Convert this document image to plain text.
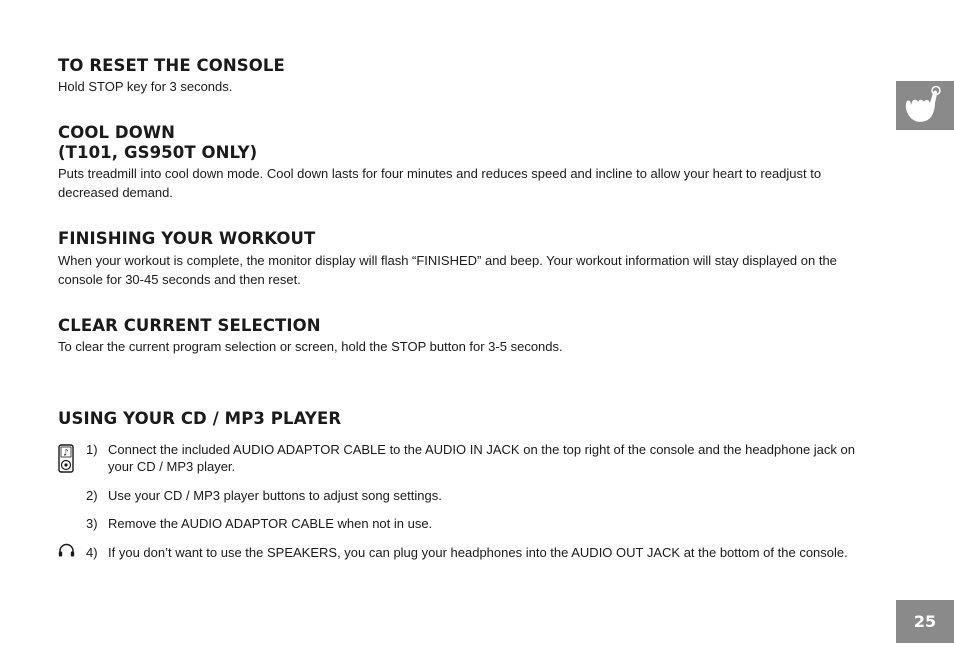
TO RESET THE CONSOLE

Hold STOP key for 3 seconds.

COOL DOWN
(T101, GS950T ONLY)

Puts treadmill into cool down mode. Cool down lasts for four minutes and reduces speed and incline to allow your heart to readjust to decreased demand.

FINISHING YOUR WORKOUT

When your workout is complete, the monitor display will flash “FINISHED” and beep. Your workout information will stay displayed on the console for 30-45 seconds and then reset.

CLEAR CURRENT SELECTION

To clear the current program selection or screen, hold the STOP button for 3-5 seconds.

USING YOUR CD / MP3 PLAYER
♪ 1) Connect the included AUDIO ADAPTOR CABLE to the AUDIO IN JACK on the top right of the console and the headphone jack on your CD / MP3 player.
2) Use your CD / MP3 player buttons to adjust song settings.
3) Remove the AUDIO ADAPTOR CABLE when not in use.
4) If you don’t want to use the SPEAKERS, you can plug your headphones into the AUDIO OUT JACK at the bottom of the console.
25
